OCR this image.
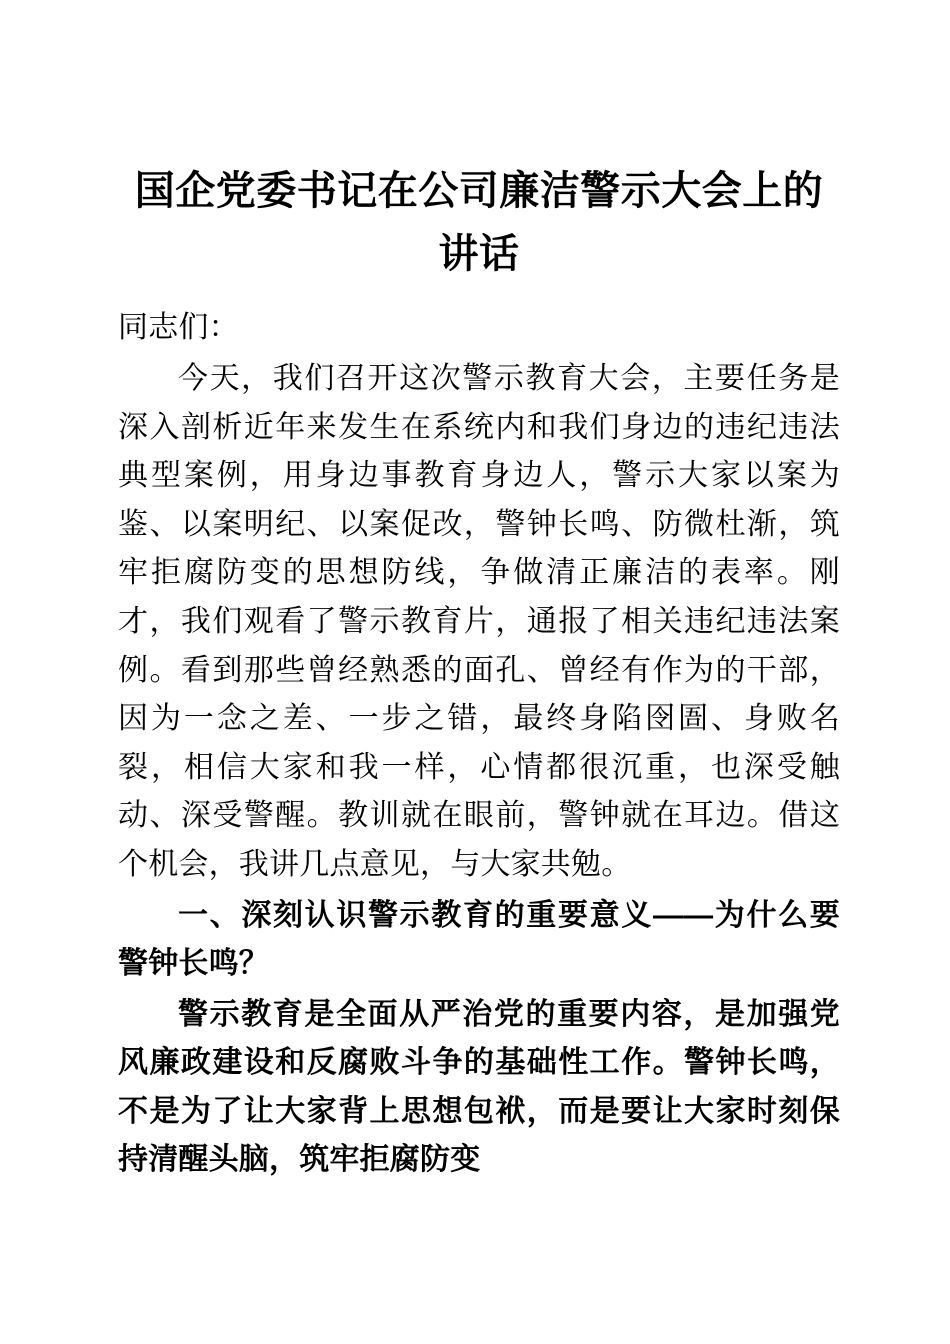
国企党委书记在公司廉洁警示大会上的讲话
同志们：

今天，我们召开这次警示教育大会，主要任务是深入剖析近年来发生在系统内和我们身边的违纪违法典型案例，用身边事教育身边人，警示大家以案为鉴、以案明纪、以案促改，警钟长鸣、防微杜渐，筑牢拒腐防变的思想防线，争做清正廉洁的表率。刚才，我们观看了警示教育片，通报了相关违纪违法案例。看到那些曾经熟悉的面孔、曾经有作为的干部，因为一念之差、一步之错，最终身陷囹圄、身败名裂，相信大家和我一样，心情都很沉重，也深受触动、深受警醒。教训就在眼前，警钟就在耳边。借这个机会，我讲几点意见，与大家共勉。

一、深刻认识警示教育的重要意义——为什么要警钟长鸣？

警示教育是全面从严治党的重要内容，是加强党风廉政建设和反腐败斗争的基础性工作。警钟长鸣，不是为了让大家背上思想包袱，而是要让大家时刻保持清醒头脑，筑牢拒腐防变
